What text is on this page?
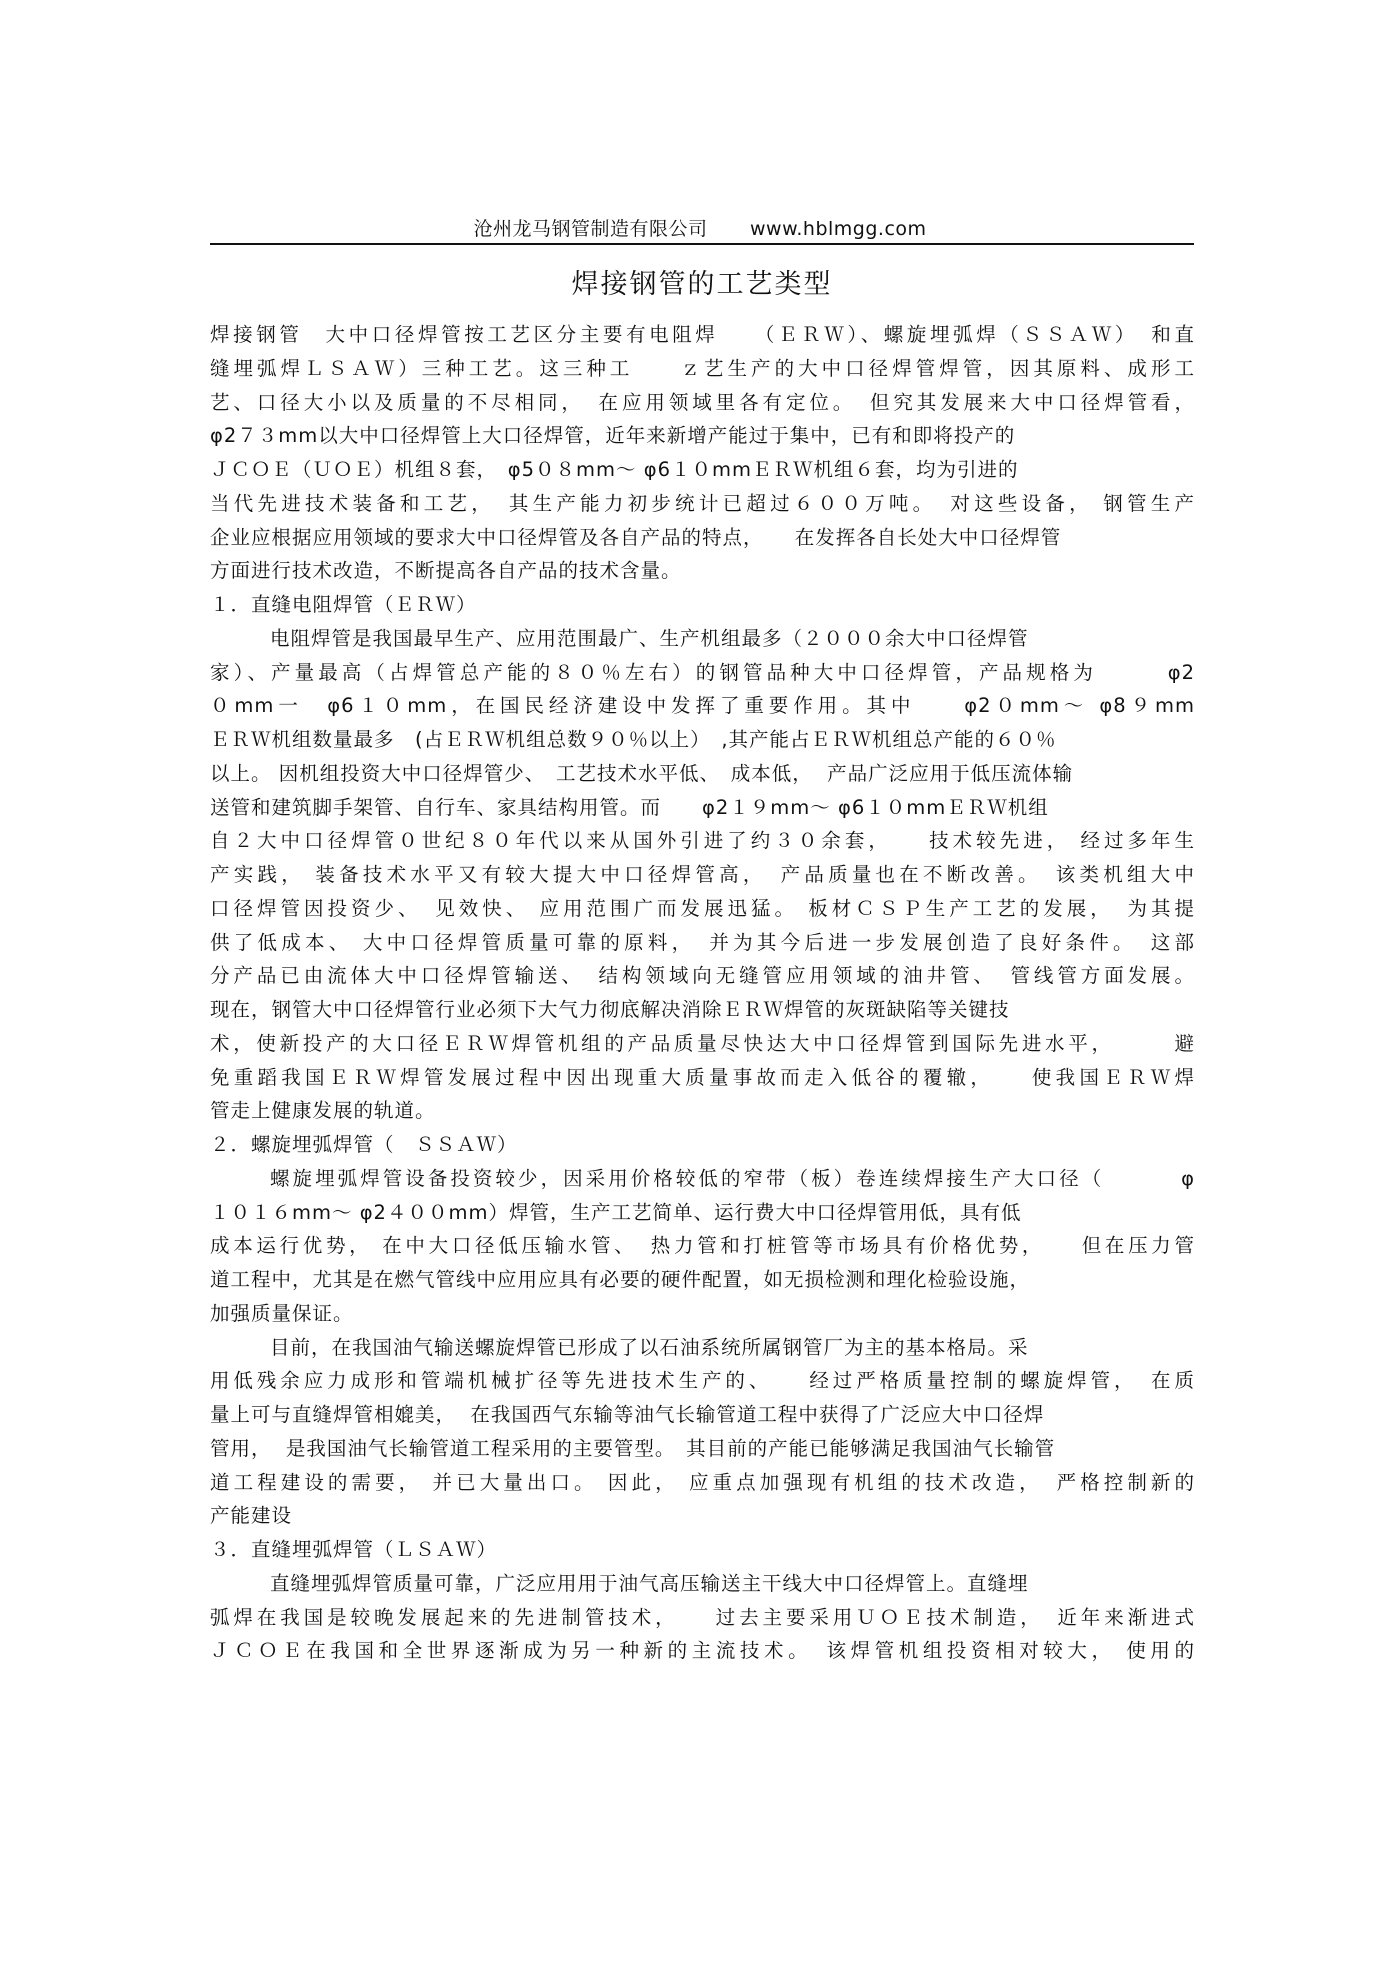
沧州龙马钢管制造有限公司 www.hblmgg.com
焊接钢管的工艺类型
焊接钢管　大中口径焊管按工艺区分主要有电阻焊　　（ＥＲＷ）、螺旋埋弧焊（ＳＳＡＷ）　和直
缝埋弧焊ＬＳＡＷ）三种工艺。这三种工　　ｚ艺生产的大中口径焊管焊管，因其原料、成形工
艺、口径大小以及质量的不尽相同，　在应用领域里各有定位。　但究其发展来大中口径焊管看，
φ2７３mm以大中口径焊管上大口径焊管，近年来新增产能过于集中，已有和即将投产的
ＪＣＯＥ（ＵＯＥ）机组８套，　φ5０８mm～ φ6１０mmＥＲＷ机组６套，均为引进的
当代先进技术装备和工艺，　其生产能力初步统计已超过６００万吨。　对这些设备， 钢管生产
企业应根据应用领域的要求大中口径焊管及各自产品的特点，　　在发挥各自长处大中口径焊管
方面进行技术改造，不断提高各自产品的技术含量。
１．直缝电阻焊管（ＥＲＷ）
电阻焊管是我国最早生产、应用范围最广、生产机组最多（２０００余大中口径焊管
家）、产量最高（占焊管总产能的８０％左右）的钢管品种大中口径焊管，产品规格为　　　φ2
０mm一　φ6１０mm，在国民经济建设中发挥了重要作用。其中　　φ2０mm～ φ8９mm
ＥＲＷ机组数量最多　(占ＥＲＷ机组总数９０％以上）　,其产能占ＥＲＷ机组总产能的６０％
以上。 因机组投资大中口径焊管少、　工艺技术水平低、　成本低，  产品广泛应用于低压流体输
送管和建筑脚手架管、自行车、家具结构用管。而　　φ2１９mm～ φ6１０mmＥＲＷ机组
自２大中口径焊管０世纪８０年代以来从国外引进了约３０余套，　　技术较先进， 经过多年生
产实践， 装备技术水平又有较大提大中口径焊管高，　产品质量也在不断改善。　该类机组大中
口径焊管因投资少、　见效快、 应用范围广而发展迅猛。 板材ＣＳＰ生产工艺的发展，　为其提
供了低成本、 大中口径焊管质量可靠的原料，　并为其今后进一步发展创造了良好条件。　这部
分产品已由流体大中口径焊管输送、　结构领域向无缝管应用领域的油井管、　管线管方面发展。
现在，钢管大中口径焊管行业必须下大气力彻底解决消除ＥＲＷ焊管的灰斑缺陷等关键技
术，使新投产的大口径ＥＲＷ焊管机组的产品质量尽快达大中口径焊管到国际先进水平，　　　避
免重蹈我国ＥＲＷ焊管发展过程中因出现重大质量事故而走入低谷的覆辙，　　使我国ＥＲＷ焊
管走上健康发展的轨道。
２．螺旋埋弧焊管（　ＳＳＡＷ）
螺旋埋弧焊管设备投资较少，因采用价格较低的窄带（板）卷连续焊接生产大口径（　　　 φ
１０１６mm～ φ2４００mm）焊管，生产工艺简单、运行费大中口径焊管用低，具有低
成本运行优势， 在中大口径低压输水管、　热力管和打桩管等市场具有价格优势，　　但在压力管
道工程中，尤其是在燃气管线中应用应具有必要的硬件配置，如无损检测和理化检验设施，
加强质量保证。
目前，在我国油气输送螺旋焊管已形成了以石油系统所属钢管厂为主的基本格局。采
用低残余应力成形和管端机械扩径等先进技术生产的、　　经过严格质量控制的螺旋焊管，　在质
量上可与直缝焊管相媲美，  在我国西气东输等油气长输管道工程中获得了广泛应大中口径焊
管用，  是我国油气长输管道工程采用的主要管型。　其目前的产能已能够满足我国油气长输管
道工程建设的需要， 并已大量出口。 因此， 应重点加强现有机组的技术改造，　严格控制新的
产能建设
３．直缝埋弧焊管（ＬＳＡＷ）
直缝埋弧焊管质量可靠，广泛应用用于油气高压输送主干线大中口径焊管上。直缝埋
弧焊在我国是较晚发展起来的先进制管技术，　　过去主要采用ＵＯＥ技术制造，　近年来渐进式
ＪＣＯＥ在我国和全世界逐渐成为另一种新的主流技术。　该焊管机组投资相对较大， 使用的
